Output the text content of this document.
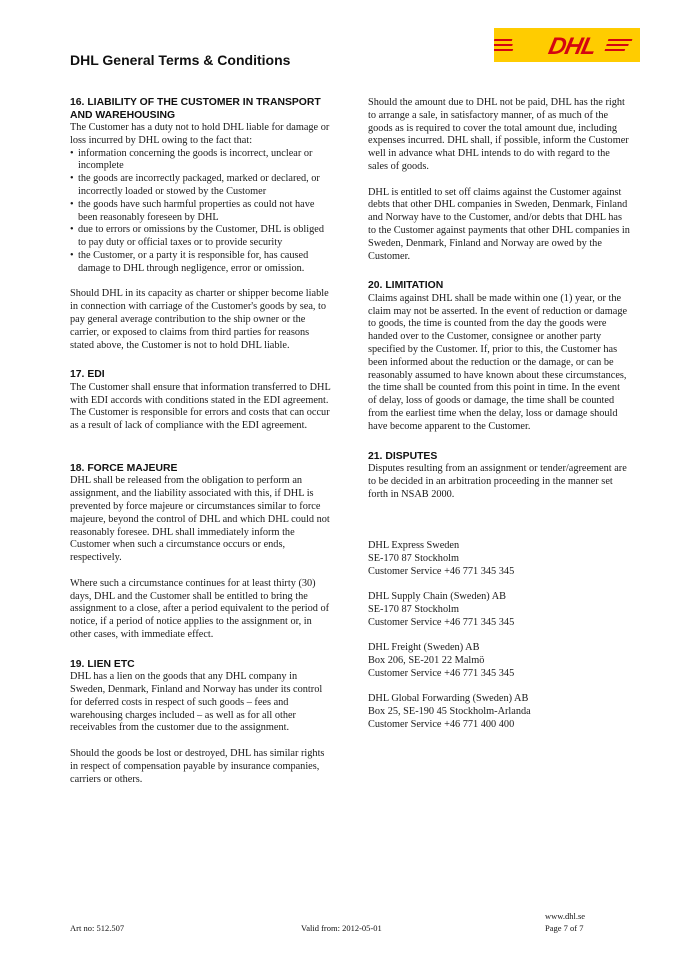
DHL General Terms & Conditions
DHL
16. LIABILITY OF THE CUSTOMER IN TRANSPORT AND WAREHOUSING

The Customer has a duty not to hold DHL liable for damage or loss incurred by DHL owing to the fact that:

• information concerning the goods is incorrect, unclear or incomplete
• the goods are incorrectly packaged, marked or declared, or incorrectly loaded or stowed by the Customer
• the goods have such harmful properties as could not have been reasonably foreseen by DHL
• due to errors or omissions by the Customer, DHL is obliged to pay duty or official taxes or to provide security
• the Customer, or a party it is responsible for, has caused damage to DHL through negligence, error or omission.

Should DHL in its capacity as charter or shipper become liable in connection with carriage of the Customer's goods by sea, to pay general average contribution to the ship owner or the carrier, or exposed to claims from third parties for reasons stated above, the Customer is not to hold DHL liable.

17. EDI

The Customer shall ensure that information transferred to DHL with EDI accords with conditions stated in the EDI agreement. The Customer is responsible for errors and costs that can occur as a result of lack of compliance with the EDI agreement.

18. FORCE MAJEURE

DHL shall be released from the obligation to perform an assignment, and the liability associated with this, if DHL is prevented by force majeure or circumstances similar to force majeure, beyond the control of DHL and which DHL could not reasonably foresee. DHL shall immediately inform the Customer when such a circumstance occurs or ends, respectively.

Where such a circumstance continues for at least thirty (30) days, DHL and the Customer shall be entitled to bring the assignment to a close, after a period equivalent to the period of notice, if a period of notice applies to the assignment or, in other cases, with immediate effect.

19. LIEN ETC

DHL has a lien on the goods that any DHL company in Sweden, Denmark, Finland and Norway has under its control for deferred costs in respect of such goods – fees and warehousing charges included – as well as for all other receivables from the customer due to the assignment.

Should the goods be lost or destroyed, DHL has similar rights in respect of compensation payable by insurance companies, carriers or others.

Should the amount due to DHL not be paid, DHL has the right to arrange a sale, in satisfactory manner, of as much of the goods as is required to cover the total amount due, including expenses incurred. DHL shall, if possible, inform the Customer well in advance what DHL intends to do with regard to the sales of goods.

DHL is entitled to set off claims against the Customer against debts that other DHL companies in Sweden, Denmark, Finland and Norway have to the Customer, and/or debts that DHL has to the Customer against payments that other DHL companies in Sweden, Denmark, Finland and Norway are owed by the Customer.

20. LIMITATION

Claims against DHL shall be made within one (1) year, or the claim may not be asserted. In the event of reduction or damage to goods, the time is counted from the day the goods were handed over to the Customer, consignee or another party specified by the Customer. If, prior to this, the Customer has been informed about the reduction or the damage, or can be reasonably assumed to have known about these circumstances, the time shall be counted from this point in time. In the event of delay, loss of goods or damage, the time shall be counted from the earliest time when the delay, loss or damage should have become apparent to the Customer.

21. DISPUTES

Disputes resulting from an assignment or tender/agreement are to be decided in an arbitration proceeding in the manner set forth in NSAB 2000.

DHL Express Sweden

SE-170 87 Stockholm

Customer Service +46 771 345 345

DHL Supply Chain (Sweden) AB

SE-170 87 Stockholm

Customer Service +46 771 345 345

DHL Freight (Sweden) AB

Box 206, SE-201 22 Malmö

Customer Service +46 771 345 345

DHL Global Forwarding (Sweden) AB

Box 25, SE-190 45 Stockholm-Arlanda

Customer Service +46 771 400 400

Art no: 512.507	Valid from: 2012-05-01
www.dhl.se
Page 7 of 7
